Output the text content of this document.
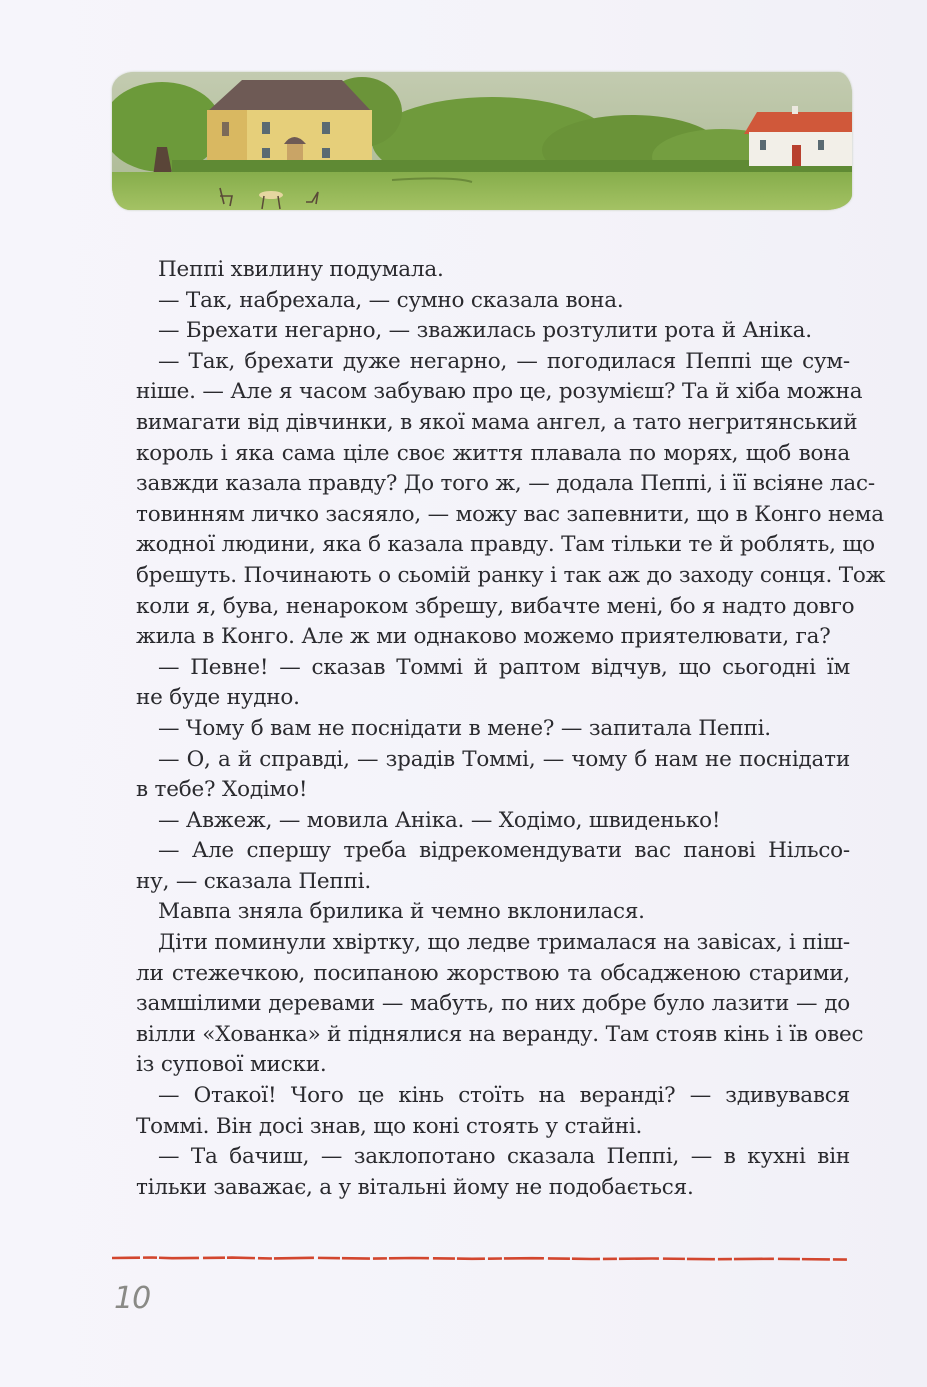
Пеппі хвилину подумала.
— Так, набрехала, — сумно сказала вона.
— Брехати негарно, — зважилась розтулити рота й Аніка.
— Так, брехати дуже негарно, — погодилася Пеппі ще сум-
ніше. — Але я часом забуваю про це, розумієш? Та й хіба можна
вимагати від дівчинки, в якої мама ангел, а тато негритянський
король і яка сама ціле своє життя плавала по морях, щоб вона
завжди казала правду? До того ж, — додала Пеппі, і її всіяне лас-
товинням личко засяяло, — можу вас запевнити, що в Конго нема
жодної людини, яка б казала правду. Там тільки те й роблять, що
брешуть. Починають о сьомій ранку і так аж до заходу сонця. Тож
коли я, бува, ненароком збрешу, вибачте мені, бо я надто довго
жила в Конго. Але ж ми однаково можемо приятелювати, га?
— Певне! — сказав Томмі й раптом відчув, що сьогодні їм
не буде нудно.
— Чому б вам не поснідати в мене? — запитала Пеппі.
— О, а й справді, — зрадів Томмі, — чому б нам не поснідати
в тебе? Ходімо!
— Авжеж, — мовила Аніка. — Ходімо, швиденько!
— Але спершу треба відрекомендувати вас панові Нільсо-
ну, — сказала Пеппі.
Мавпа зняла брилика й чемно вклонилася.
Діти поминули хвіртку, що ледве трималася на завісах, і піш-
ли стежечкою, посипаною жорствою та обсадженою старими,
замшілими деревами — мабуть, по них добре було лазити — до
вілли «Хованка» й піднялися на веранду. Там стояв кінь і їв овес
із супової миски.
— Отакої! Чого це кінь стоїть на веранді? — здивувався
Томмі. Він досі знав, що коні стоять у стайні.
— Та бачиш, — заклопотано сказала Пеппі, — в кухні він
тільки заважає, а у вітальні йому не подобається.
10
